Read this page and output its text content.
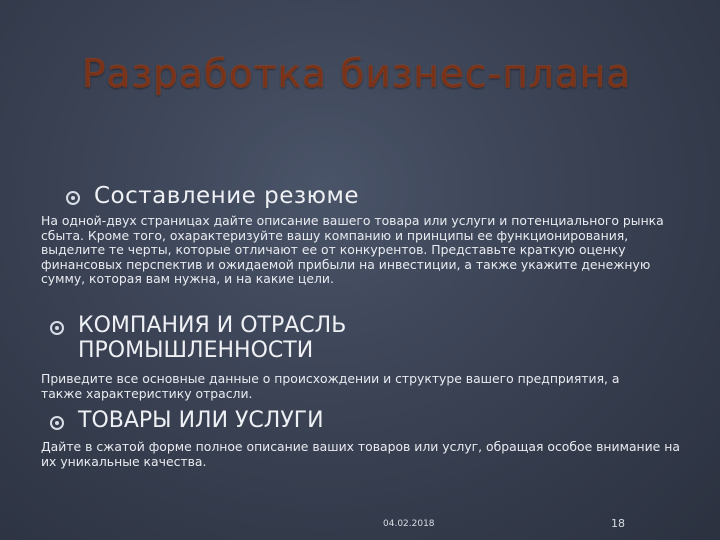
Разработка бизнес-плана
Составление резюме
На одной-двух страницах дайте описание вашего товара или услуги и потенциального рынка сбыта. Кроме того, охарактеризуйте вашу компанию и принципы ее функционирования, выделите те черты, которые отличают ее от конкурентов. Представьте краткую оценку финансовых перспектив и ожидаемой прибыли на инвестиции, а также укажите денежную сумму, которая вам нужна, и на какие цели.
КОМПАНИЯ И ОТРАСЛЬ ПРОМЫШЛЕННОСТИ
Приведите все основные данные о происхождении и структуре вашего предприятия, а также характеристику отрасли.
ТОВАРЫ ИЛИ УСЛУГИ
Дайте в сжатой форме полное описание ваших товаров или услуг, обращая особое внимание на их уникальные качества.
04.02.2018	18
